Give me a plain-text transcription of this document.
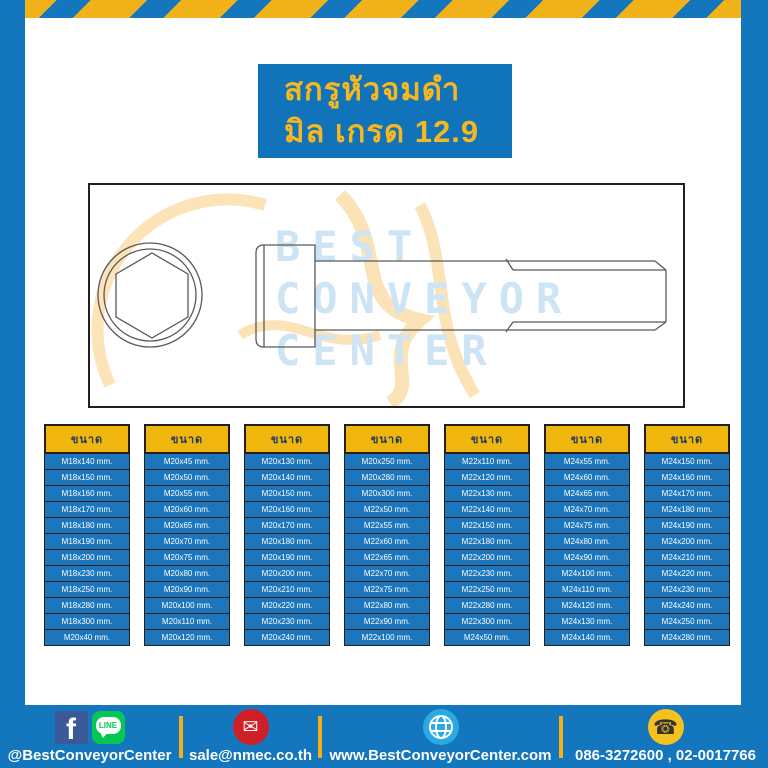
สกรูหัวจมดำ
มิล เกรด 12.9
BEST
CONVEYOR
CENTER
ขนาด
M18x140 mm.
M18x150 mm.
M18x160 mm.
M18x170 mm.
M18x180 mm.
M18x190 mm.
M18x200 mm.
M18x230 mm.
M18x250 mm.
M18x280 mm.
M18x300 mm.
M20x40 mm.
ขนาด
M20x45 mm.
M20x50 mm.
M20x55 mm.
M20x60 mm.
M20x65 mm.
M20x70 mm.
M20x75 mm.
M20x80 mm.
M20x90 mm.
M20x100 mm.
M20x110 mm.
M20x120 mm.
ขนาด
M20x130 mm.
M20x140 mm.
M20x150 mm.
M20x160 mm.
M20x170 mm.
M20x180 mm.
M20x190 mm.
M20x200 mm.
M20x210 mm.
M20x220 mm.
M20x230 mm.
M20x240 mm.
ขนาด
M20x250 mm.
M20x280 mm.
M20x300 mm.
M22x50 mm.
M22x55 mm.
M22x60 mm.
M22x65 mm.
M22x70 mm.
M22x75 mm.
M22x80 mm.
M22x90 mm.
M22x100 mm.
ขนาด
M22x110 mm.
M22x120 mm.
M22x130 mm.
M22x140 mm.
M22x150 mm.
M22x180 mm.
M22x200 mm.
M22x230 mm.
M22x250 mm.
M22x280 mm.
M22x300 mm.
M24x50 mm.
ขนาด
M24x55 mm.
M24x60 mm.
M24x65 mm.
M24x70 mm.
M24x75 mm.
M24x80 mm.
M24x90 mm.
M24x100 mm.
M24x110 mm.
M24x120 mm.
M24x130 mm.
M24x140 mm.
ขนาด
M24x150 mm.
M24x160 mm.
M24x170 mm.
M24x180 mm.
M24x190 mm.
M24x200 mm.
M24x210 mm.
M24x220 mm.
M24x230 mm.
M24x240 mm.
M24x250 mm.
M24x280 mm.
f	LINE
@BestConveyorCenter
✉
sale@nmec.co.th www.BestConveyorCenter.com
☎
086-3272600 , 02-0017766
